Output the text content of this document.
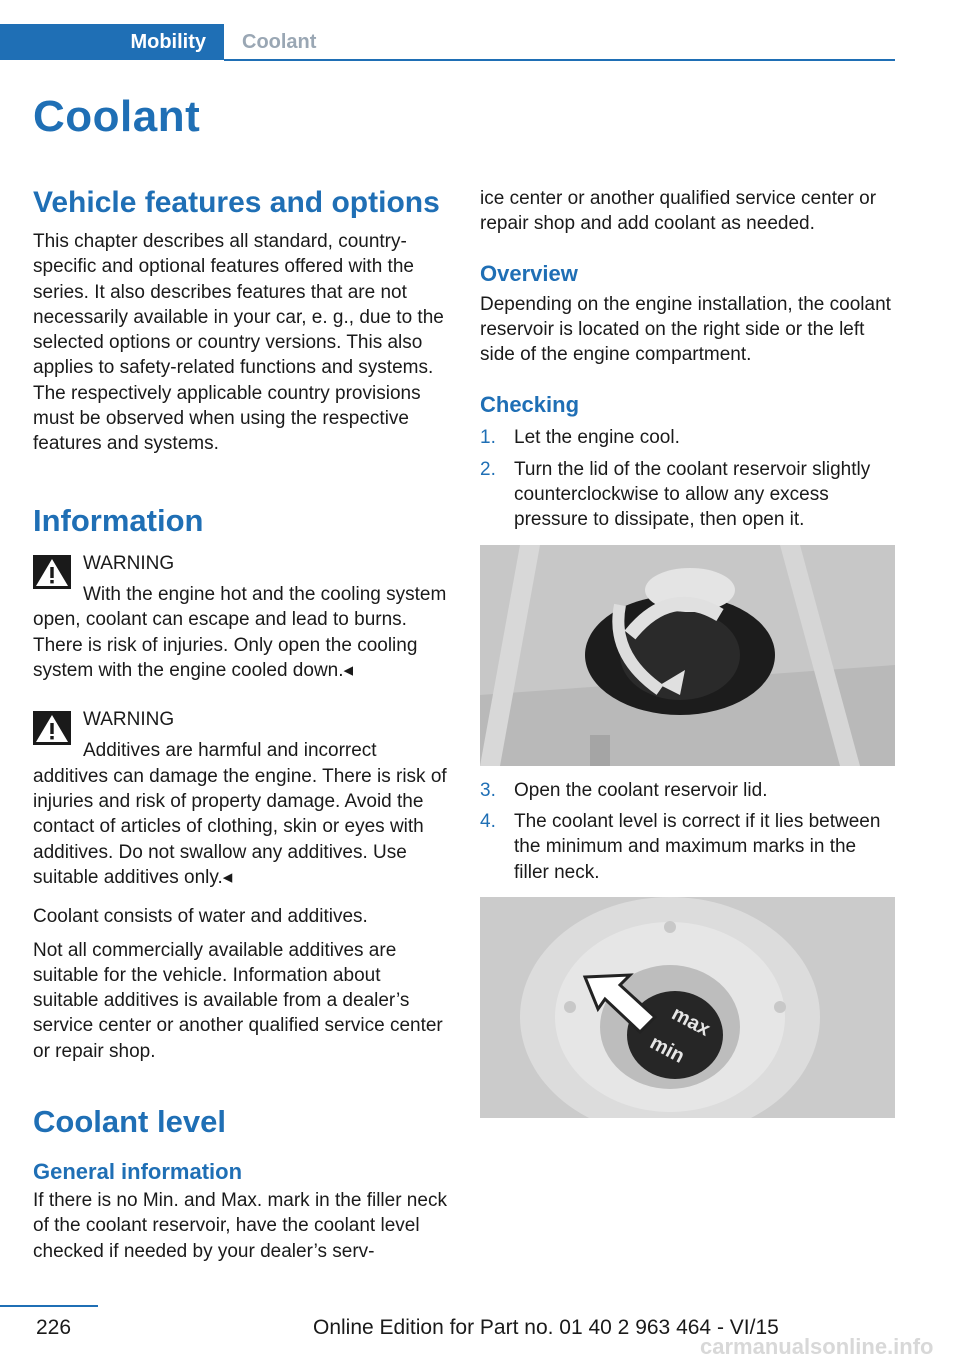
Mobility	Coolant
Coolant
Vehicle features and options

This chapter describes all standard, country-specific and optional features offered with the series. It also describes features that are not necessarily available in your car, e. g., due to the selected options or country versions. This also applies to safety-related functions and systems. The respectively applicable country provisions must be observed when using the respective features and systems.

Information
WARNING
With the engine hot and the cooling system open, coolant can escape and lead to burns. There is risk of injuries. Only open the cooling system with the engine cooled down.◂
WARNING
Additives are harmful and incorrect additives can damage the engine. There is risk of injuries and risk of property damage. Avoid the contact of articles of clothing, skin or eyes with additives. Do not swallow any additives. Use suitable additives only.◂

Coolant consists of water and additives.

Not all commercially available additives are suitable for the vehicle. Information about suitable additives is available from a dealer’s service center or another qualified service center or repair shop.

Coolant level
General information

If there is no Min. and Max. mark in the filler neck of the coolant reservoir, have the coolant level checked if needed by your dealer’s serv-

ice center or another qualified service center or repair shop and add coolant as needed.

Overview

Depending on the engine installation, the coolant reservoir is located on the right side or the left side of the engine compartment.

Checking
1. Let the engine cool.
2. Turn the lid of the coolant reservoir slightly counterclockwise to allow any excess pressure to dissipate, then open it.
3. Open the coolant reservoir lid.
4. The coolant level is correct if it lies between the minimum and maximum marks in the filler neck.
max
min
226	Online Edition for Part no. 01 40 2 963 464 - VI/15
carmanualsonline.info
